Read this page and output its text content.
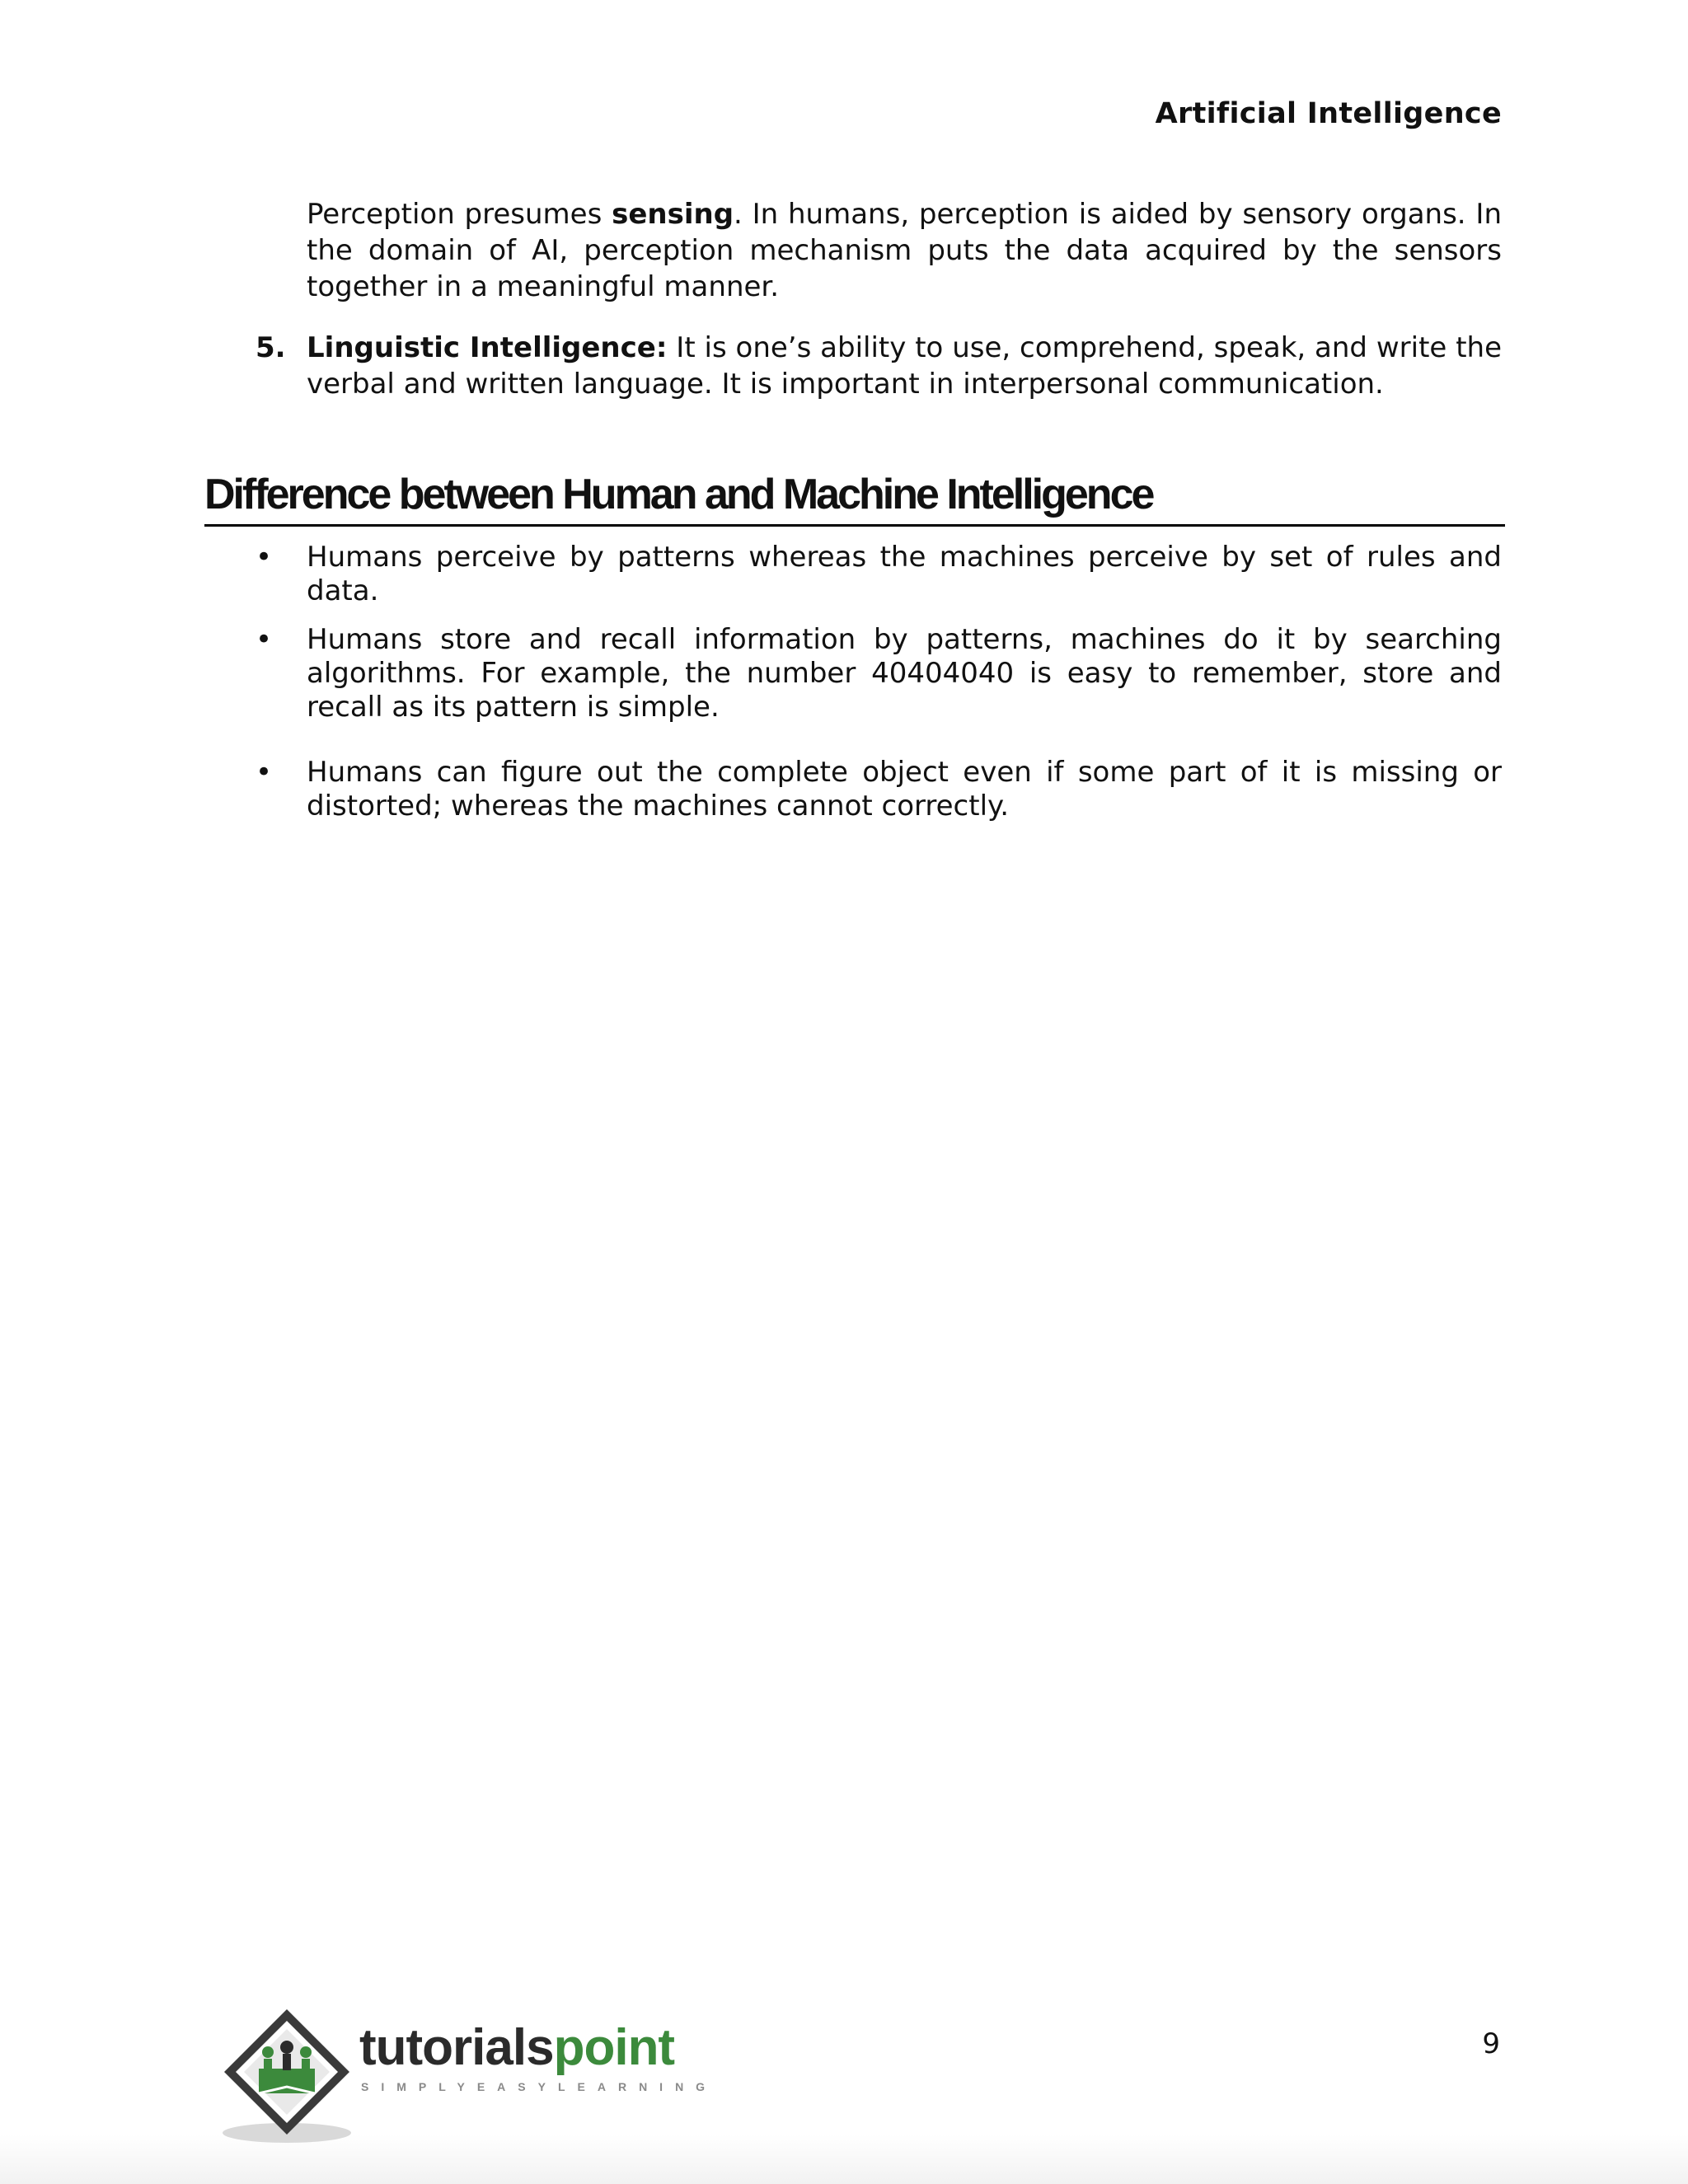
Artificial Intelligence
Perception presumes sensing. In humans, perception is aided by sensory organs. In the domain of AI, perception mechanism puts the data acquired by the sensors together in a meaningful manner.
5. Linguistic Intelligence: It is one’s ability to use, comprehend, speak, and write the verbal and written language. It is important in interpersonal communication.
Difference between Human and Machine Intelligence
• Humans perceive by patterns whereas the machines perceive by set of rules and data.
• Humans store and recall information by patterns, machines do it by searching algorithms. For example, the number 40404040 is easy to remember, store and recall as its pattern is simple.
• Humans can figure out the complete object even if some part of it is missing or distorted; whereas the machines cannot correctly.
9
tutorialspoint
SIMPLYEASYLEARNING
